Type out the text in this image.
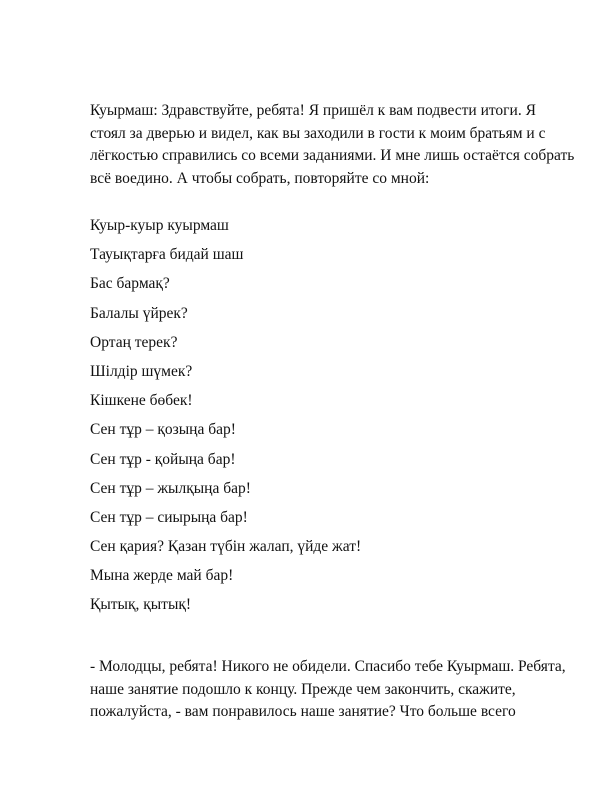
Куырмаш: Здравствуйте, ребята! Я пришёл к вам подвести итоги. Я
стоял за дверью и видел, как вы заходили в гости к моим братьям и с
лёгкостью справились со всеми заданиями. И мне лишь остаётся собрать
всё воедино. А чтобы собрать, повторяйте со мной:

Куыр-куыр куырмаш
Тауықтарға бидай шаш
Бас бармақ?
Балалы үйрек?
Ортаң терек?
Шілдір шүмек?
Кішкене бөбек!
Сен тұр – қозыңа бар!
Сен тұр - қойыңа бар!
Сен тұр – жылқыңа бар!
Сен тұр – сиырыңа бар!
Сен қария? Қазан түбін жалап, үйде жат!
Мына жерде май бар!
Қытық, қытық!

- Молодцы, ребята! Никого не обидели. Спасибо тебе Куырмаш. Ребята,
наше занятие подошло к концу. Прежде чем закончить, скажите,
пожалуйста, - вам понравилось наше занятие? Что больше всего
